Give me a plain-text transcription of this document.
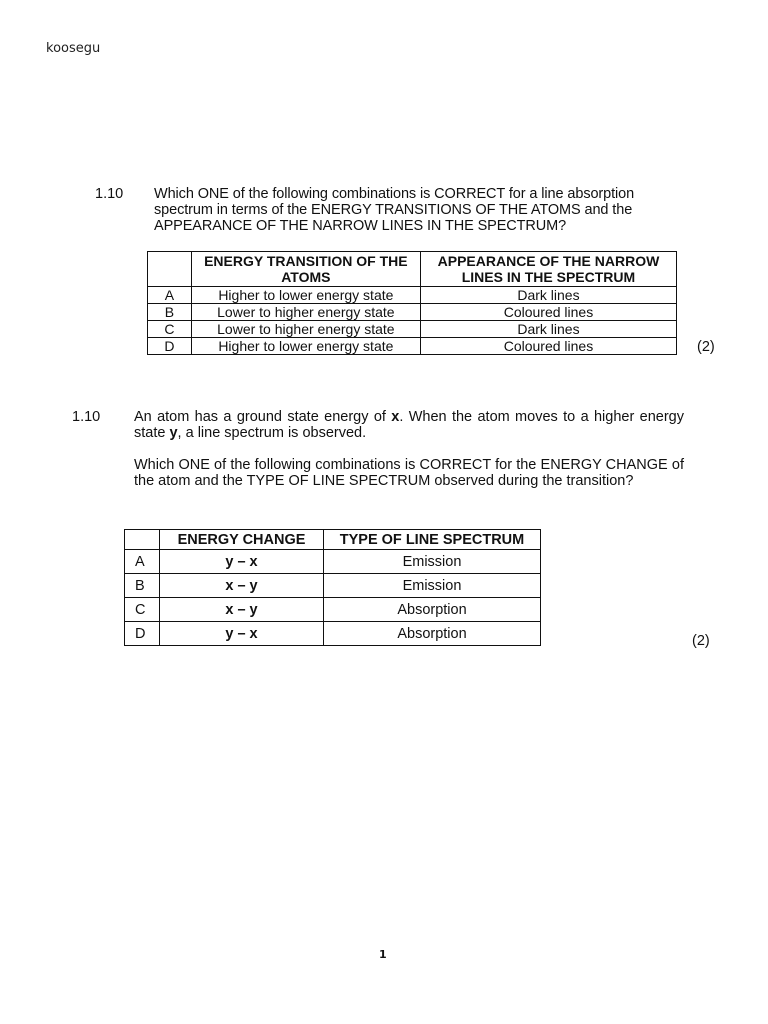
koosegu
1.10 Which ONE of the following combinations is CORRECT for a line absorption spectrum in terms of the ENERGY TRANSITIONS OF THE ATOMS and the APPEARANCE OF THE NARROW LINES IN THE SPECTRUM?

	ENERGY TRANSITION OF THE ATOMS	APPEARANCE OF THE NARROW LINES IN THE SPECTRUM
A	Higher to lower energy state	Dark lines
B	Lower to higher energy state	Coloured lines
C	Lower to higher energy state	Dark lines
D	Higher to lower energy state	Coloured lines	(2)
1.10 An atom has a ground state energy of x. When the atom moves to a higher energy state y, a line spectrum is observed.

Which ONE of the following combinations is CORRECT for the ENERGY CHANGE of the atom and the TYPE OF LINE SPECTRUM observed during the transition?

	ENERGY CHANGE	TYPE OF LINE SPECTRUM
A	y – x	Emission
B	x – y	Emission
C	x – y	Absorption
D	y – x	Absorption	(2)
1
